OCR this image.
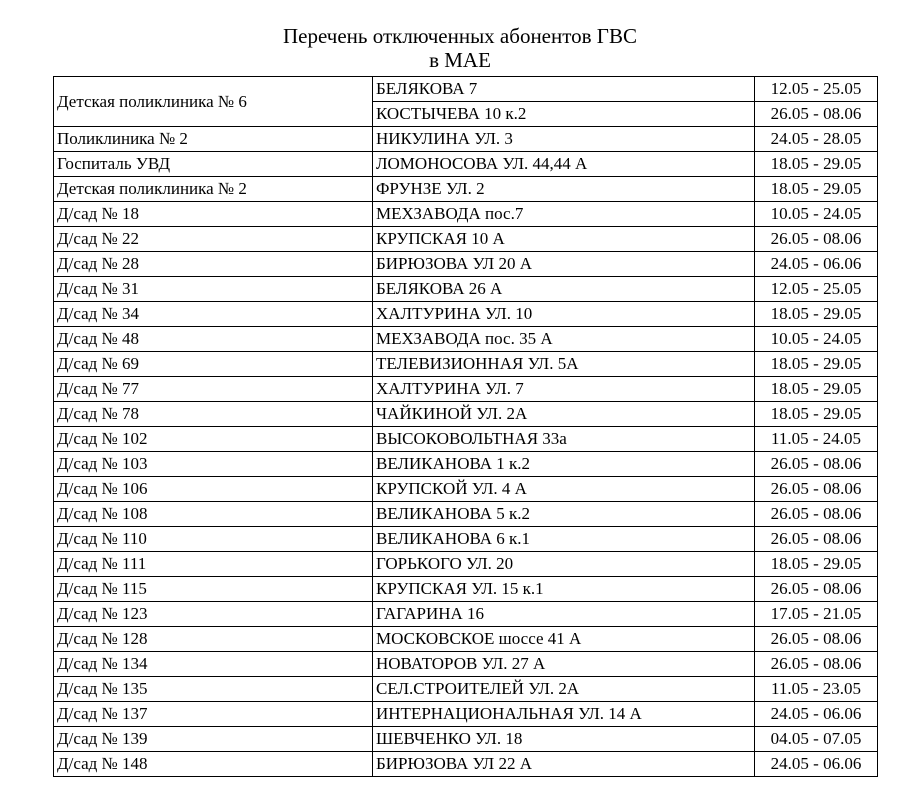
Перечень отключенных абонентов ГВС
в МАЕ
Детская поликлиника № 6	БЕЛЯКОВА 7	12.05 - 25.05
	КОСТЫЧЕВА 10 к.2	26.05 - 08.06
Поликлиника № 2	НИКУЛИНА УЛ. 3	24.05 - 28.05
Госпиталь УВД	ЛОМОНОСОВА УЛ. 44,44 А	18.05 - 29.05
Детская поликлиника № 2	ФРУНЗЕ УЛ. 2	18.05 - 29.05
Д/сад № 18	МЕХЗАВОДА пос.7	10.05 - 24.05
Д/сад № 22	КРУПСКАЯ 10 А	26.05 - 08.06
Д/сад № 28	БИРЮЗОВА УЛ 20 А	24.05 - 06.06
Д/сад № 31	БЕЛЯКОВА 26 А	12.05 - 25.05
Д/сад № 34	ХАЛТУРИНА УЛ. 10	18.05 - 29.05
Д/сад № 48	МЕХЗАВОДА пос. 35 А	10.05 - 24.05
Д/сад № 69	ТЕЛЕВИЗИОННАЯ УЛ. 5А	18.05 - 29.05
Д/сад № 77	ХАЛТУРИНА УЛ. 7	18.05 - 29.05
Д/сад № 78	ЧАЙКИНОЙ УЛ. 2А	18.05 - 29.05
Д/сад № 102	ВЫСОКОВОЛЬТНАЯ 33а	11.05 - 24.05
Д/сад № 103	ВЕЛИКАНОВА 1 к.2	26.05 - 08.06
Д/сад № 106	КРУПСКОЙ УЛ. 4 А	26.05 - 08.06
Д/сад № 108	ВЕЛИКАНОВА 5 к.2	26.05 - 08.06
Д/сад № 110	ВЕЛИКАНОВА 6 к.1	26.05 - 08.06
Д/сад № 111	ГОРЬКОГО УЛ. 20	18.05 - 29.05
Д/сад № 115	КРУПСКАЯ УЛ. 15 к.1	26.05 - 08.06
Д/сад № 123	ГАГАРИНА 16	17.05 - 21.05
Д/сад № 128	МОСКОВСКОЕ шоссе 41 А	26.05 - 08.06
Д/сад № 134	НОВАТОРОВ УЛ. 27 А	26.05 - 08.06
Д/сад № 135	СЕЛ.СТРОИТЕЛЕЙ УЛ. 2А	11.05 - 23.05
Д/сад № 137	ИНТЕРНАЦИОНАЛЬНАЯ УЛ. 14 А	24.05 - 06.06
Д/сад № 139	ШЕВЧЕНКО УЛ. 18	04.05 - 07.05
Д/сад № 148	БИРЮЗОВА УЛ 22 А	24.05 - 06.06
